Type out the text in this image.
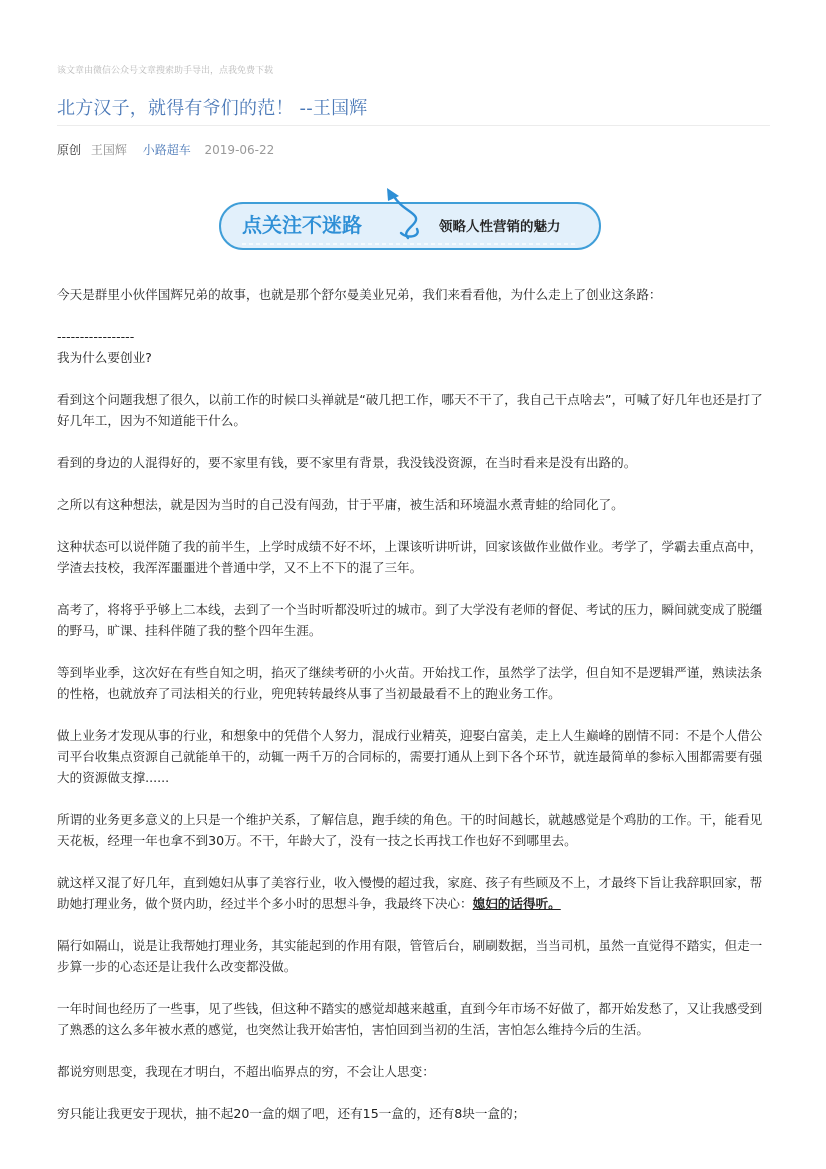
该文章由微信公众号文章搜索助手导出，点我免费下载
北方汉子，就得有爷们的范！ --王国辉
原创 王国辉 小路超车 2019-06-22
点关注不迷路	领略人性营销的魅力

今天是群里小伙伴国辉兄弟的故事，也就是那个舒尔曼美业兄弟，我们来看看他，为什么走上了创业这条路：

-----------------

我为什么要创业?

看到这个问题我想了很久，以前工作的时候口头禅就是“破几把工作，哪天不干了，我自己干点啥去”，可喊了好几年也还是打了好几年工，因为不知道能干什么。

看到的身边的人混得好的，要不家里有钱，要不家里有背景，我没钱没资源，在当时看来是没有出路的。

之所以有这种想法，就是因为当时的自己没有闯劲，甘于平庸，被生活和环境温水煮青蛙的给同化了。

这种状态可以说伴随了我的前半生，上学时成绩不好不坏，上课该听讲听讲，回家该做作业做作业。考学了，学霸去重点高中，学渣去技校，我浑浑噩噩进个普通中学，又不上不下的混了三年。

高考了，将将乎乎够上二本线，去到了一个当时听都没听过的城市。到了大学没有老师的督促、考试的压力，瞬间就变成了脱缰的野马，旷课、挂科伴随了我的整个四年生涯。

等到毕业季，这次好在有些自知之明，掐灭了继续考研的小火苗。开始找工作，虽然学了法学，但自知不是逻辑严谨，熟读法条的性格，也就放弃了司法相关的行业，兜兜转转最终从事了当初最最看不上的跑业务工作。

做上业务才发现从事的行业，和想象中的凭借个人努力，混成行业精英，迎娶白富美，走上人生巅峰的剧情不同：不是个人借公司平台收集点资源自己就能单干的，动辄一两千万的合同标的，需要打通从上到下各个环节，就连最简单的参标入围都需要有强大的资源做支撑......

所谓的业务更多意义的上只是一个维护关系，了解信息，跑手续的角色。干的时间越长，就越感觉是个鸡肋的工作。干，能看见天花板，经理一年也拿不到30万。不干，年龄大了，没有一技之长再找工作也好不到哪里去。

就这样又混了好几年，直到媳妇从事了美容行业，收入慢慢的超过我，家庭、孩子有些顾及不上，才最终下旨让我辞职回家，帮助她打理业务，做个贤内助，经过半个多小时的思想斗争，我最终下决心：媳妇的话得听。

隔行如隔山，说是让我帮她打理业务，其实能起到的作用有限，管管后台，刷刷数据，当当司机，虽然一直觉得不踏实，但走一步算一步的心态还是让我什么改变都没做。

一年时间也经历了一些事，见了些钱，但这种不踏实的感觉却越来越重，直到今年市场不好做了，都开始发愁了，又让我感受到了熟悉的这么多年被水煮的感觉，也突然让我开始害怕，害怕回到当初的生活，害怕怎么维持今后的生活。

都说穷则思变，我现在才明白，不超出临界点的穷，不会让人思变：

穷只能让我更安于现状，抽不起20一盒的烟了吧，还有15一盒的，还有8块一盒的；
